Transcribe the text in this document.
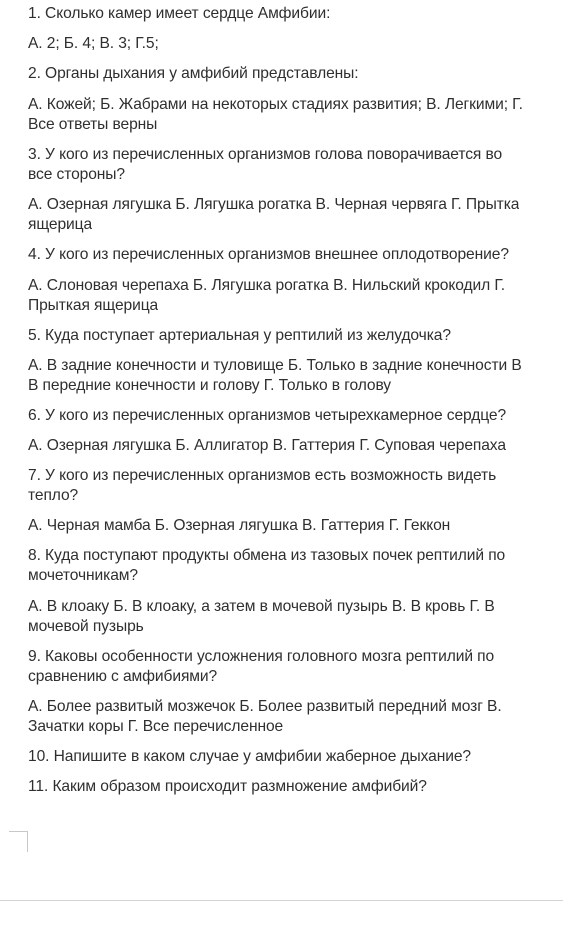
1. Сколько камер имеет сердце Амфибии:
А. 2; Б. 4; В. 3; Г.5;
2. Органы дыхания у амфибий представлены:
А. Кожей; Б. Жабрами на некоторых стадиях развития; В. Легкими; Г.
Все ответы верны
3. У кого из перечисленных организмов голова поворачивается во
все стороны?
А. Озерная лягушка Б. Лягушка рогатка В. Черная червяга Г. Прытка
ящерица
4. У кого из перечисленных организмов внешнее оплодотворение?
А. Слоновая черепаха Б. Лягушка рогатка В. Нильский крокодил Г.
Прыткая ящерица
5. Куда поступает артериальная у рептилий из желудочка?
А. В задние конечности и туловище Б. Только в задние конечности В
В передние конечности и голову Г. Только в голову
6. У кого из перечисленных организмов четырехкамерное сердце?
А. Озерная лягушка Б. Аллигатор В. Гаттерия Г. Суповая черепаха
7. У кого из перечисленных организмов есть возможность видеть
тепло?
А. Черная мамба Б. Озерная лягушка В. Гаттерия Г. Геккон
8. Куда поступают продукты обмена из тазовых почек рептилий по
мочеточникам?
А. В клоаку Б. В клоаку, а затем в мочевой пузырь В. В кровь Г. В
мочевой пузырь
9. Каковы особенности усложнения головного мозга рептилий по
сравнению с амфибиями?
А. Более развитый мозжечок Б. Более развитый передний мозг В.
Зачатки коры Г. Все перечисленное
10. Напишите в каком случае у амфибии жаберное дыхание?
11. Каким образом происходит размножение амфибий?
